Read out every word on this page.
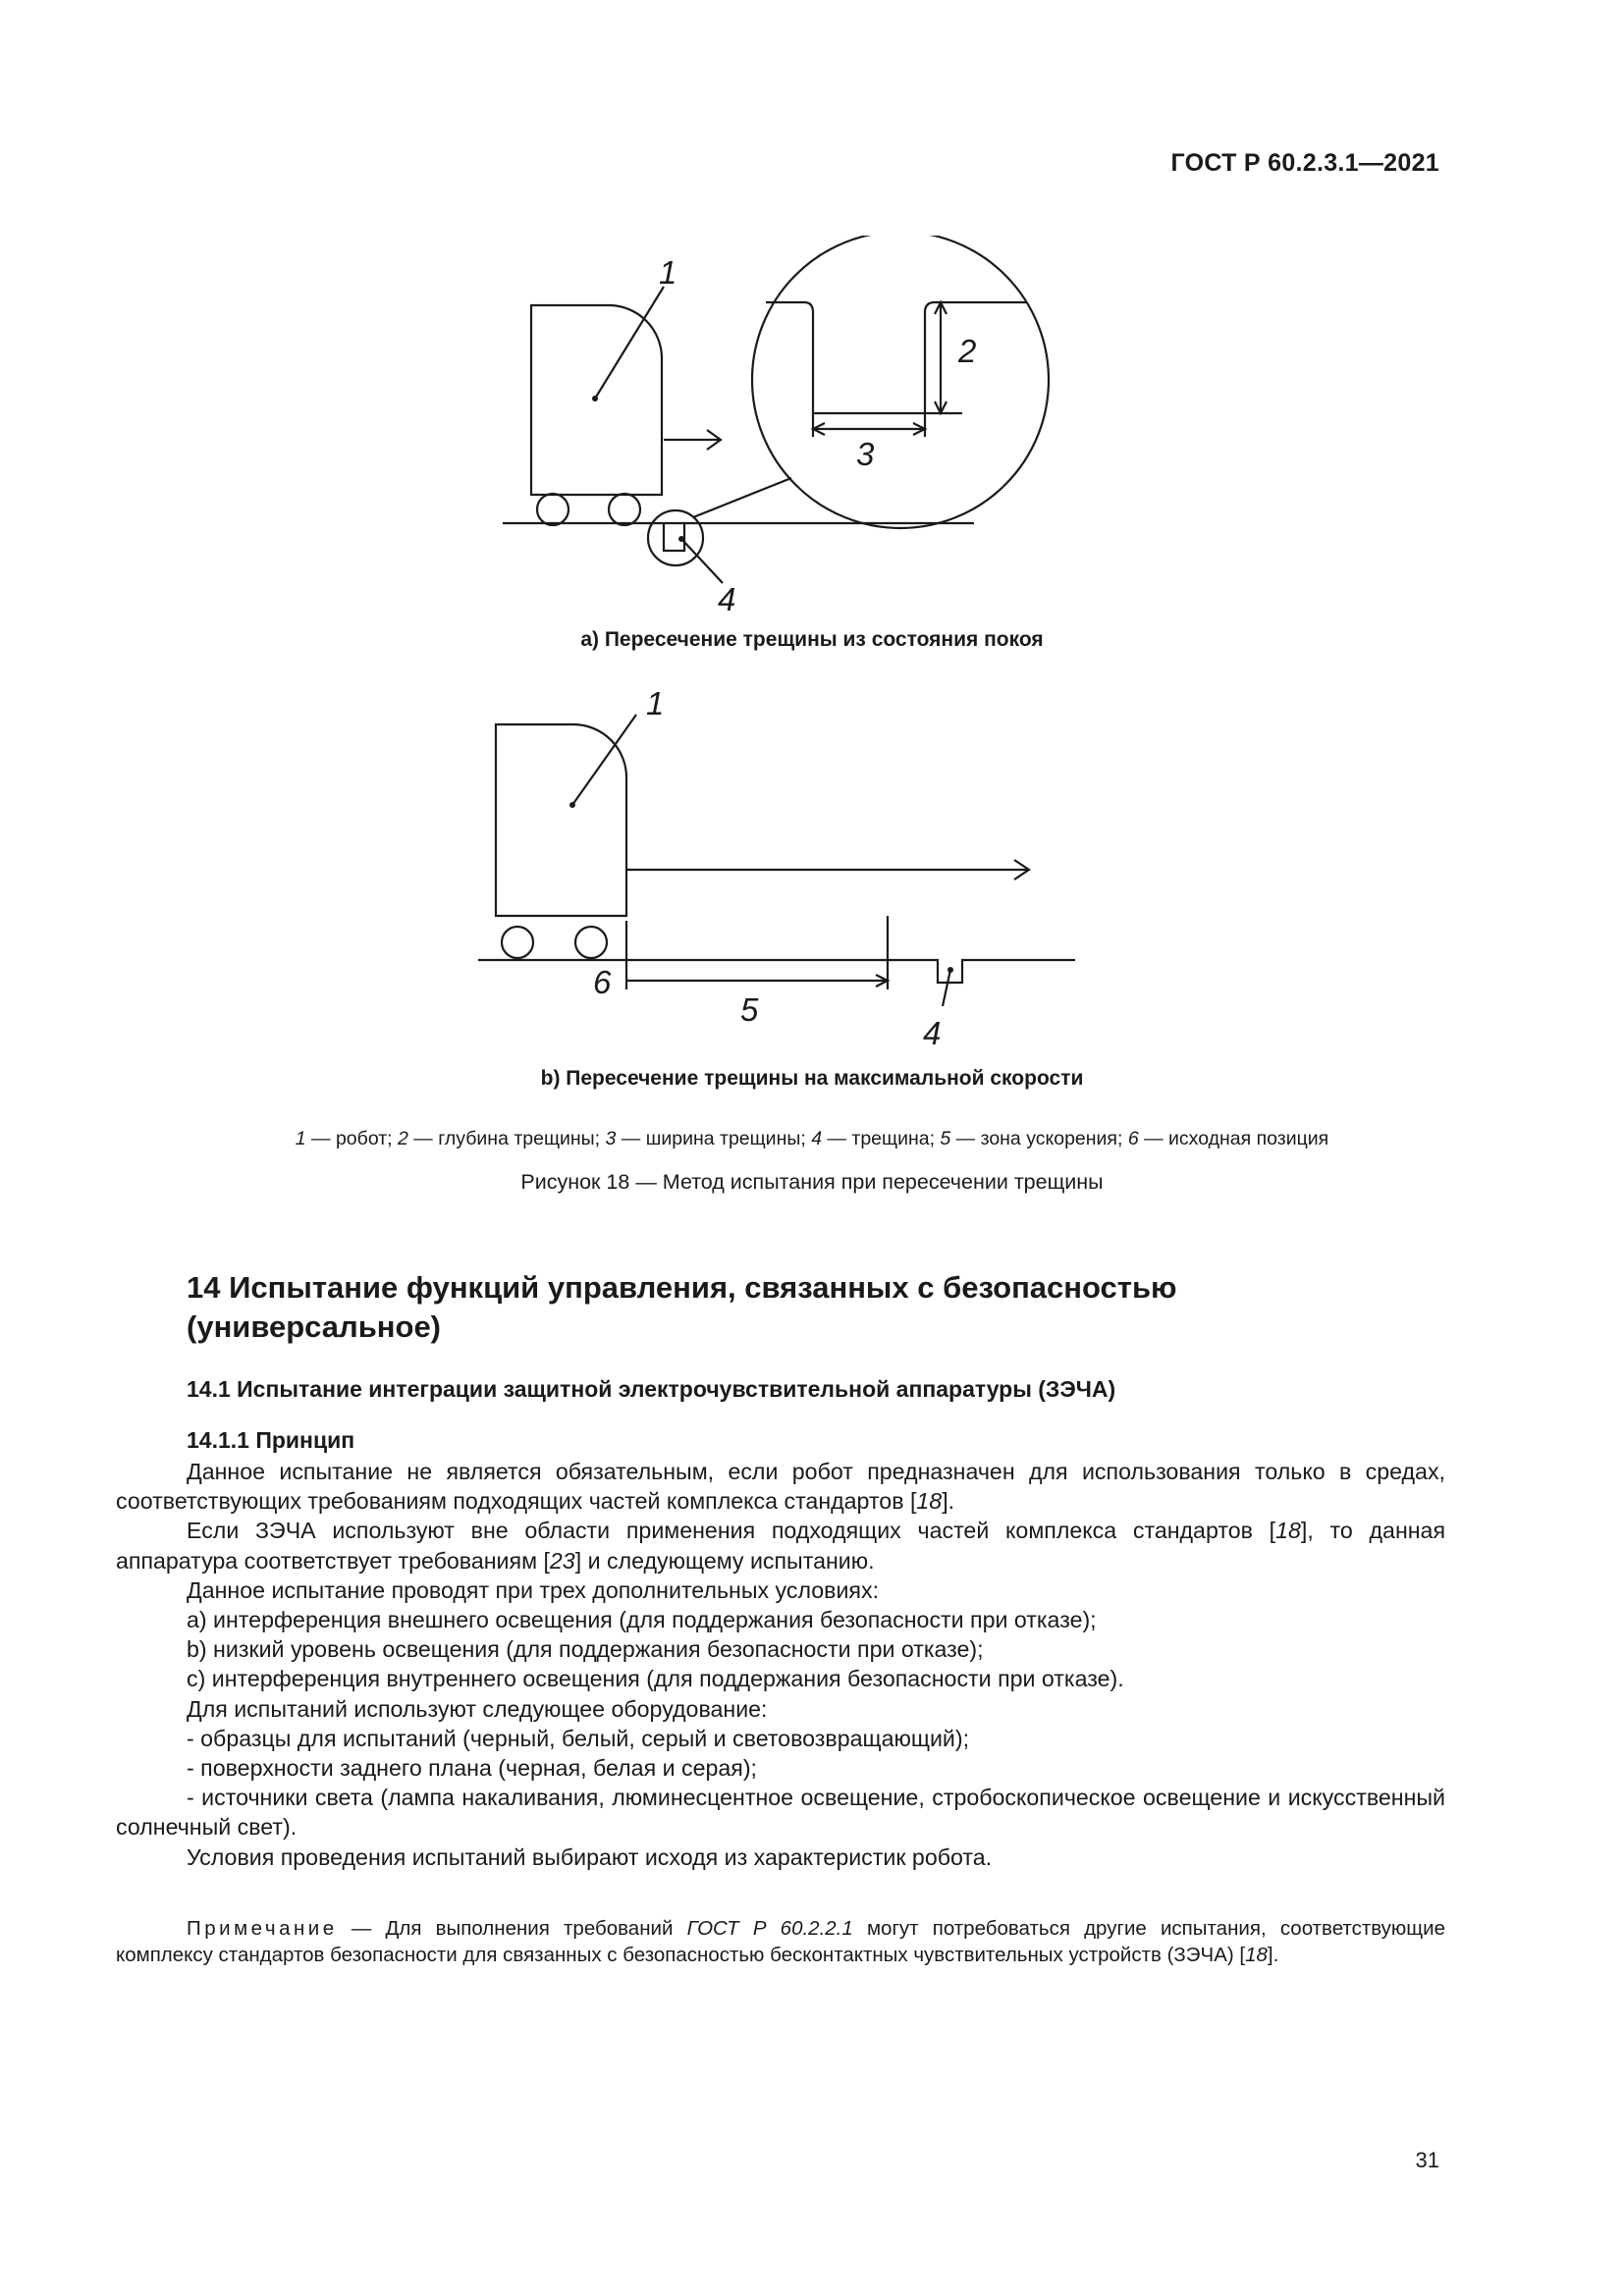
ГОСТ Р 60.2.3.1—2021
1
2
3
4
a) Пересечение трещины из состояния покоя
1
6
5
4
b) Пересечение трещины на максимальной скорости
1 — робот; 2 — глубина трещины; 3 — ширина трещины; 4 — трещина; 5 — зона ускорения; 6 — исходная позиция
Рисунок 18 — Метод испытания при пересечении трещины
14 Испытание функций управления, связанных с безопасностью
(универсальное)
14.1 Испытание интеграции защитной электрочувствительной аппаратуры (ЗЭЧА)
14.1.1 Принцип

Данное испытание не является обязательным, если робот предназначен для использования только в средах, соответствующих требованиям подходящих частей комплекса стандартов [18].

Если ЗЭЧА используют вне области применения подходящих частей комплекса стандартов [18], то данная аппаратура соответствует требованиям [23] и следующему испытанию.

Данное испытание проводят при трех дополнительных условиях:

a) интерференция внешнего освещения (для поддержания безопасности при отказе);

b) низкий уровень освещения (для поддержания безопасности при отказе);

c) интерференция внутреннего освещения (для поддержания безопасности при отказе).

Для испытаний используют следующее оборудование:

- образцы для испытаний (черный, белый, серый и световозвращающий);

- поверхности заднего плана (черная, белая и серая);

- источники света (лампа накаливания, люминесцентное освещение, стробоскопическое освещение и искусственный солнечный свет).

Условия проведения испытаний выбирают исходя из характеристик робота.

Примечание — Для выполнения требований ГОСТ Р 60.2.2.1 могут потребоваться другие испытания, соответствующие комплексу стандартов безопасности для связанных с безопасностью бесконтактных чувствительных устройств (ЗЭЧА) [18].

31
